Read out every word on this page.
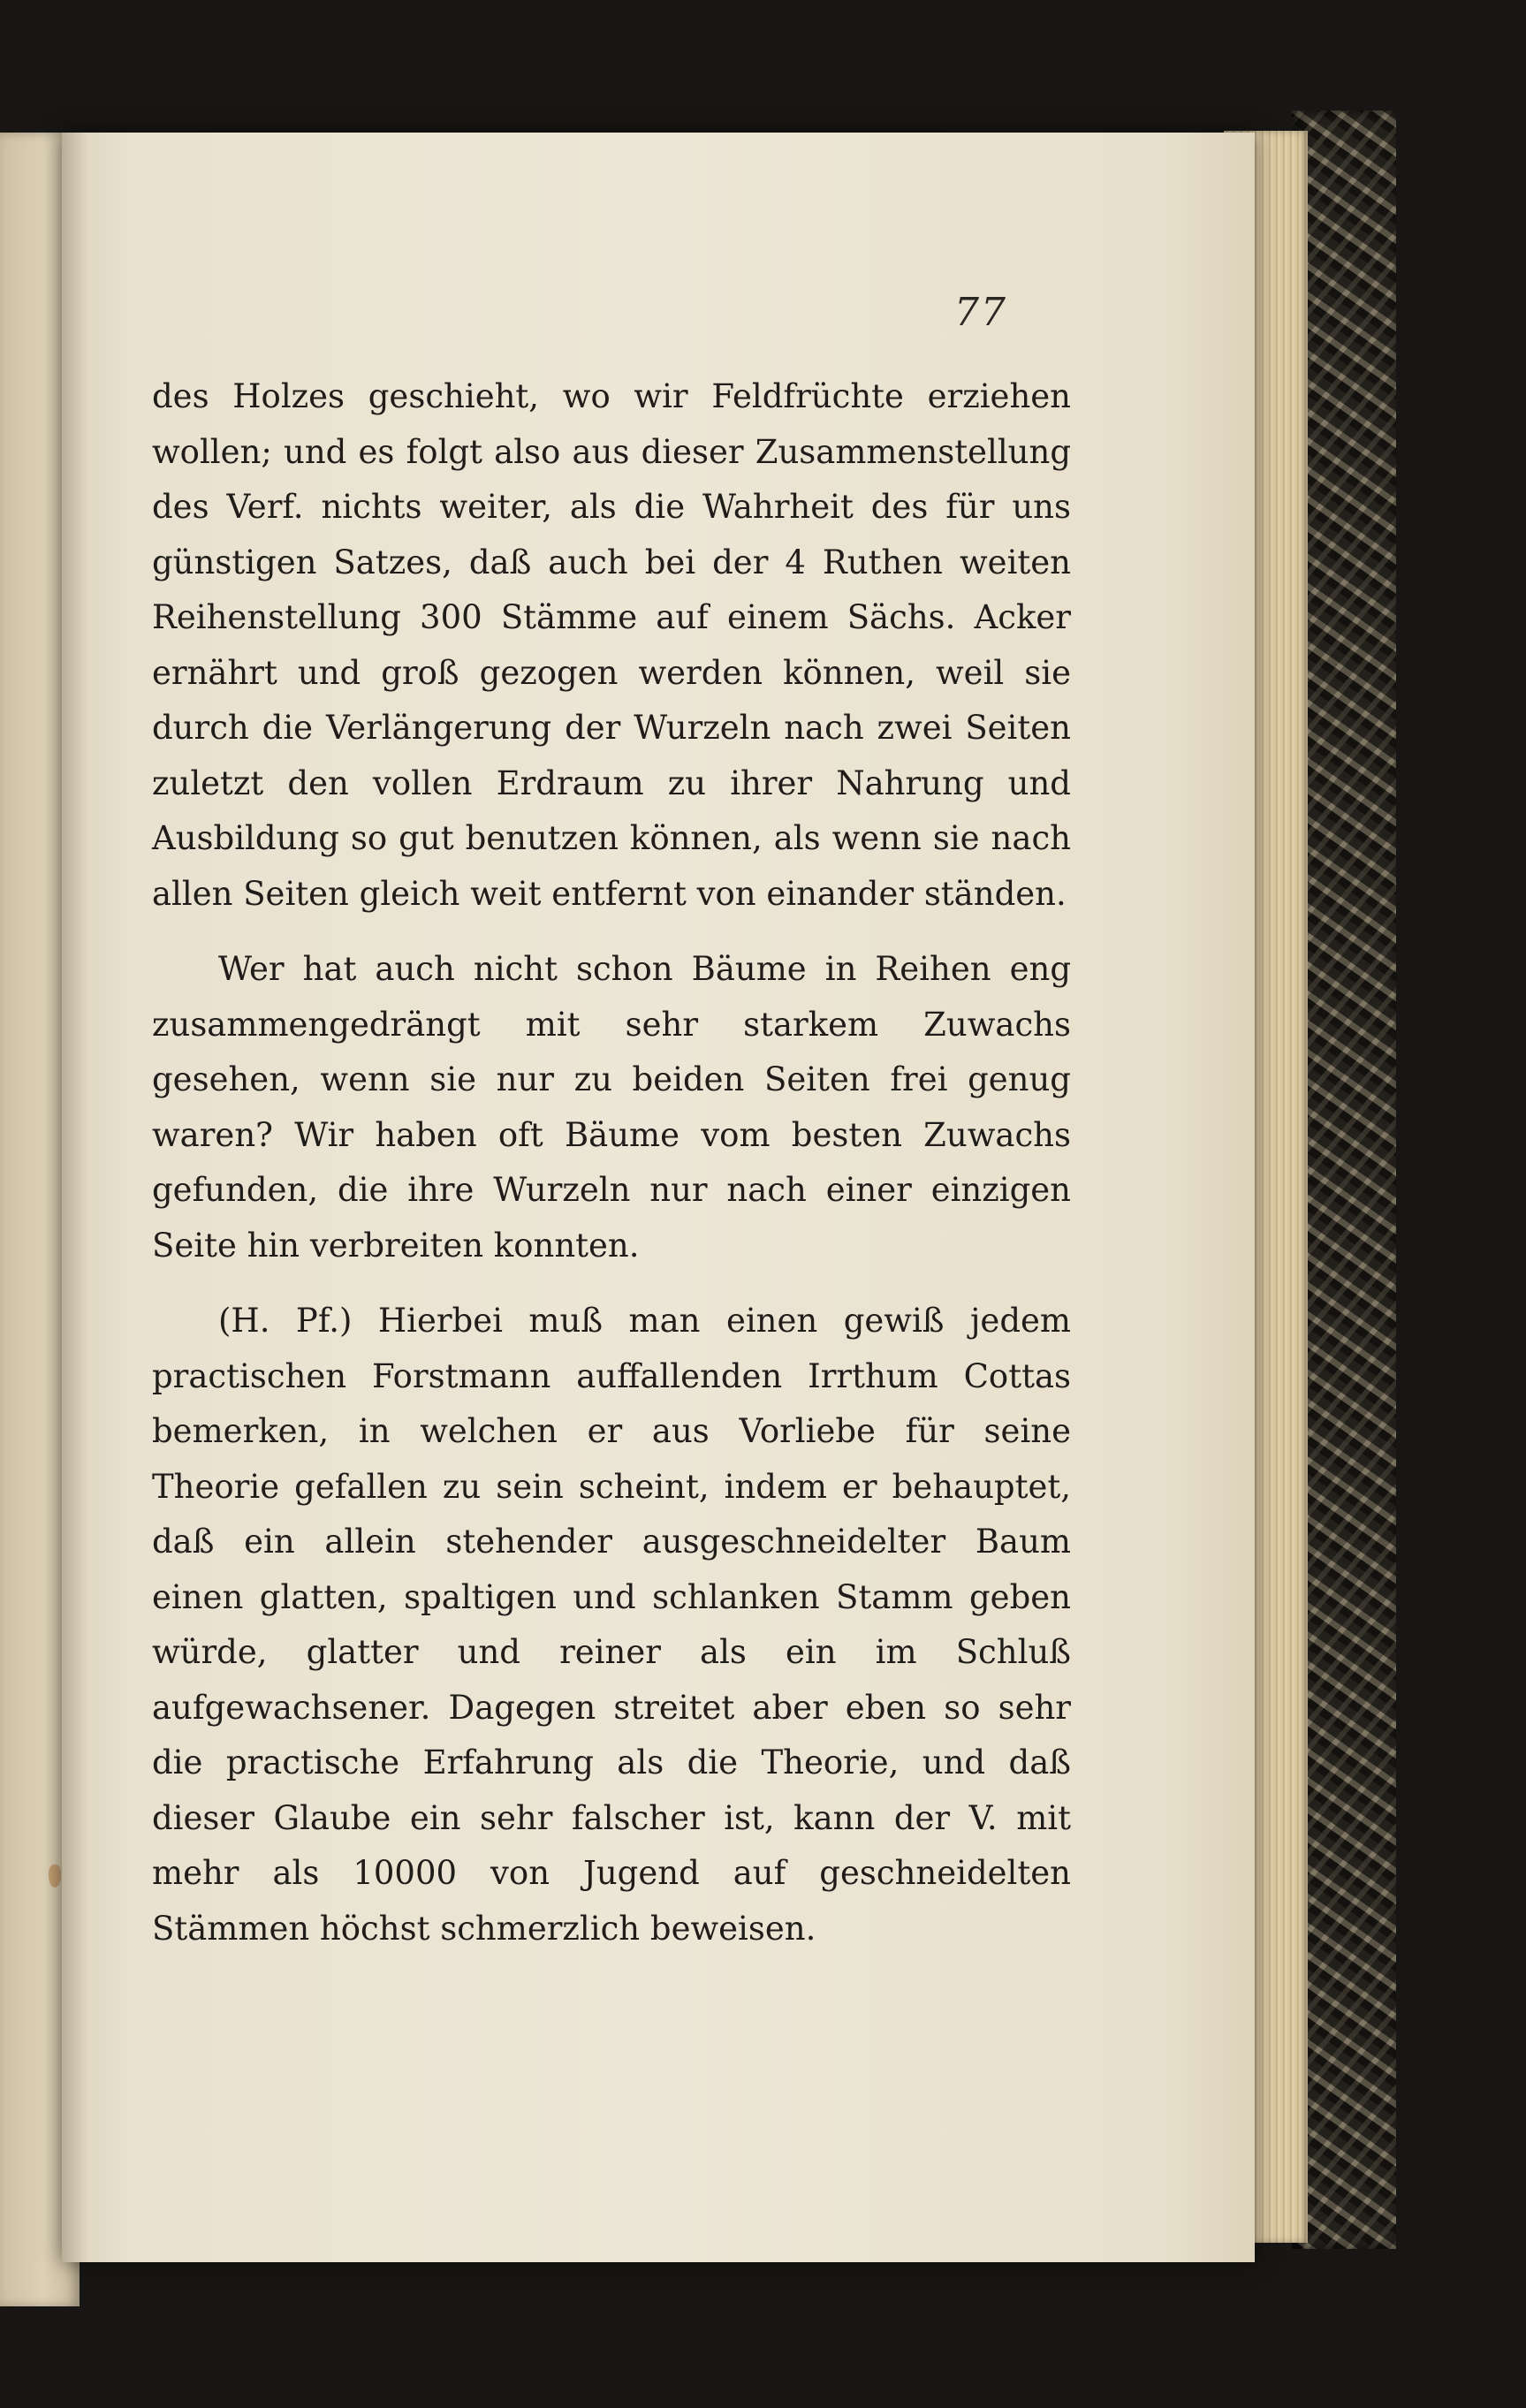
77

des Holzes geschieht, wo wir Feldfrüchte erziehen wollen; und es folgt also aus dieser Zusammenstellung des Verf. nichts weiter, als die Wahrheit des für uns günstigen Satzes, daß auch bei der 4 Ruthen weiten Reihenstellung 300 Stämme auf einem Sächs. Acker ernährt und groß gezogen werden können, weil sie durch die Verlängerung der Wurzeln nach zwei Seiten zuletzt den vollen Erdraum zu ihrer Nahrung und Ausbildung so gut benutzen können, als wenn sie nach allen Seiten gleich weit entfernt von einander ständen.

Wer hat auch nicht schon Bäume in Reihen eng zusammengedrängt mit sehr starkem Zuwachs gesehen, wenn sie nur zu beiden Seiten frei genug waren? Wir haben oft Bäume vom besten Zuwachs gefunden, die ihre Wurzeln nur nach einer einzigen Seite hin verbreiten konnten.

(H. Pf.) Hierbei muß man einen gewiß jedem practischen Forstmann auffallenden Irrthum Cottas bemerken, in welchen er aus Vorliebe für seine Theorie gefallen zu sein scheint, indem er behauptet, daß ein allein stehender ausgeschneidelter Baum einen glatten, spaltigen und schlanken Stamm geben würde, glatter und reiner als ein im Schluß aufgewachsener. Dagegen streitet aber eben so sehr die practische Erfahrung als die Theorie, und daß dieser Glaube ein sehr falscher ist, kann der V. mit mehr als 10000 von Jugend auf geschneidelten Stämmen höchst schmerzlich beweisen.
